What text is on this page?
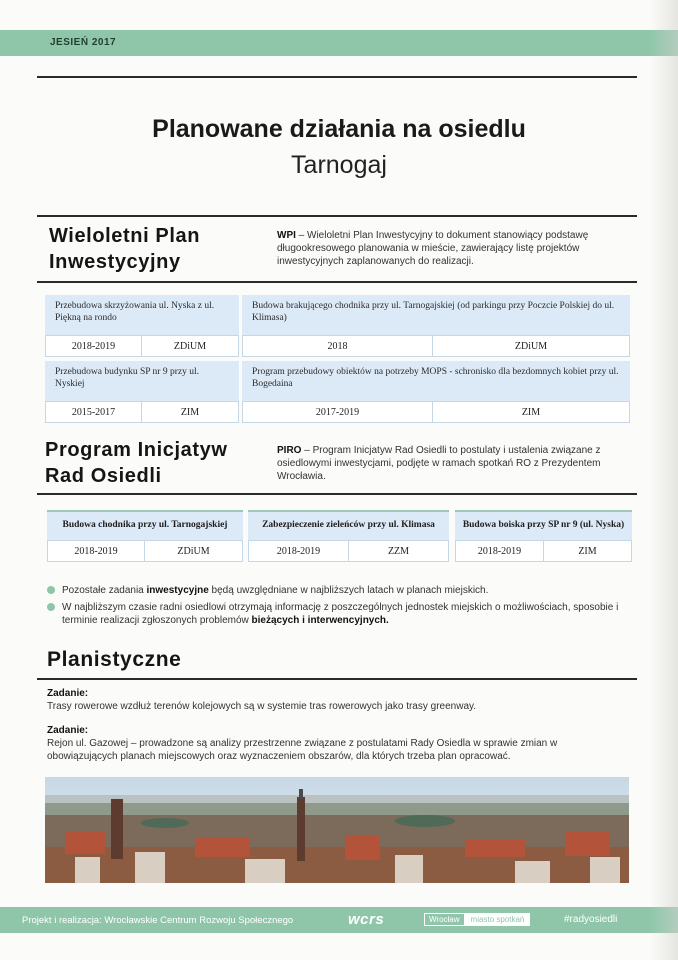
JESIEŃ 2017
Planowane działania na osiedlu
Tarnogaj
Wieloletni Plan
Inwestycyjny
WPI – Wieloletni Plan Inwestycyjny to dokument stanowiący podstawę długookresowego planowania w mieście, zawierający listę projektów inwestycyjnych zaplanowanych do realizacji.
Przebudowa skrzyżowania ul. Nyska z ul. Piękną na rondo
2018-2019	ZDiUM
Budowa brakującego chodnika przy ul. Tarnogajskiej (od parkingu przy Poczcie Polskiej do ul. Klimasa)
2018	ZDiUM
Przebudowa budynku SP nr 9 przy ul. Nyskiej
2015-2017	ZIM
Program przebudowy obiektów na potrzeby MOPS - schronisko dla bezdomnych kobiet przy ul. Bogedaina
2017-2019	ZIM
Program Inicjatyw
Rad Osiedli
PIRO – Program Inicjatyw Rad Osiedli to postulaty i ustalenia związane z osiedlowymi inwestycjami, podjęte w ramach spotkań RO z Prezydentem Wrocławia.
Budowa chodnika przy ul. Tarnogajskiej
2018-2019	ZDiUM
Zabezpieczenie zieleńców przy ul. Klimasa
2018-2019	ZZM
Budowa boiska przy SP nr 9 (ul. Nyska)
2018-2019	ZIM
Pozostałe zadania inwestycyjne będą uwzględniane w najbliższych latach w planach miejskich.
W najbliższym czasie radni osiedlowi otrzymają informację z poszczególnych jednostek miejskich o możliwościach, sposobie i terminie realizacji zgłoszonych problemów bieżących i interwencyjnych.
Planistyczne
Zadanie:
Trasy rowerowe wzdłuż terenów kolejowych są w systemie tras rowerowych jako trasy greenway.
Zadanie:
Rejon ul. Gazowej – prowadzone są analizy przestrzenne związane z postulatami Rady Osiedla w sprawie zmian w obowiązujących planach miejscowych oraz wyznaczeniem obszarów, dla których trzeba plan opracować.
Projekt i realizacja: Wrocławskie Centrum Rozwoju Społecznego	wcrs	Wrocław	miasto spotkań	#radyosiedli
